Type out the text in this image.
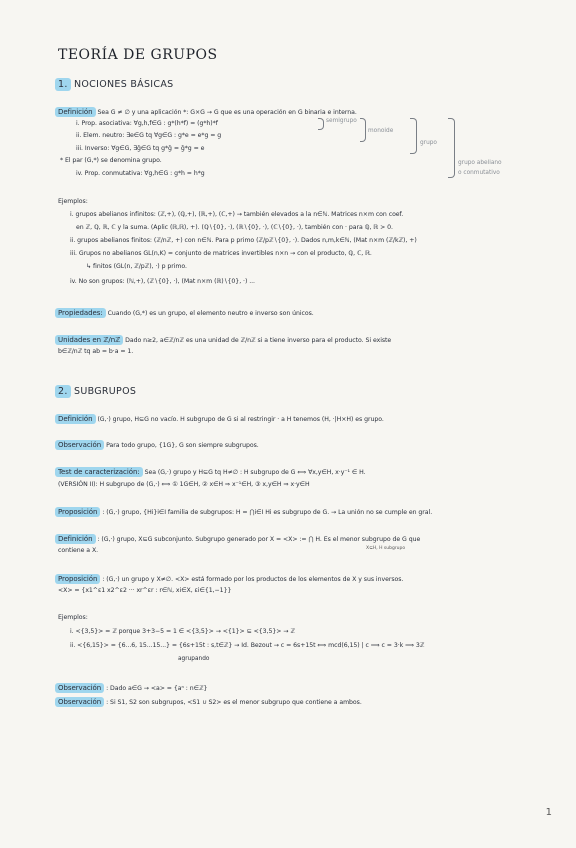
TEORÍA DE GRUPOS
1. NOCIONES BÁSICAS
Definición Sea G ≠ ∅ y una aplicación *: G×G → G que es una operación en G binaria e interna.
i. Prop. asociativa: ∀g,h,f∈G : g*(h*f) = (g*h)*f
ii. Elem. neutro: ∃e∈G tq ∀g∈G : g*e = e*g = g
iii. Inverso: ∀g∈G, ∃ḡ∈G tq g*ḡ = ḡ*g = e
* El par (G,*) se denomina grupo.
iv. Prop. conmutativa: ∀g,h∈G : g*h = h*g
semigrupo
monoide
grupo
grupo abeliano
o conmutativo
Ejemplos:
i. grupos abelianos infinitos: (ℤ,+), (ℚ,+), (ℝ,+), (ℂ,+) → también elevados a la n∈ℕ. Matrices n×m con coef.
en ℤ, ℚ, ℝ, ℂ y la suma. (Aplic (ℝ,ℝ), +). (ℚ∖{0}, ·), (ℝ∖{0}, ·), (ℂ∖{0}, ·), también con · para ℚ, ℝ > 0.
ii. grupos abelianos finitos: (ℤ/nℤ, +) con n∈ℕ. Para p primo (ℤ/pℤ∖{0}, ·). Dados n,m,k∈ℕ, (Mat n×m (ℤ/kℤ), +)
iii. Grupos no abelianos GL(n,K) = conjunto de matrices invertibles n×n → con el producto, ℚ, ℂ, ℝ.
↳ finitos (GL(n, ℤ/pℤ), ·) p primo.
iv. No son grupos: (ℕ,+), (ℤ∖{0}, ·), (Mat n×m (ℝ)∖{0}, ·) ...
Propiedades: Cuando (G,*) es un grupo, el elemento neutro e inverso son únicos.
Unidades en ℤ/nℤ Dado n≥2, a∈ℤ/nℤ es una unidad de ℤ/nℤ si a tiene inverso para el producto. Si existe
b∈ℤ/nℤ tq ab = b·a = 1.
2. SUBGRUPOS
Definición (G,·) grupo, H⊆G no vacío. H subgrupo de G si al restringir · a H tenemos (H, ·|H×H) es grupo.
Observación Para todo grupo, {1G}, G son siempre subgrupos.
Test de caracterización: Sea (G,·) grupo y H⊆G tq H≠∅ : H subgrupo de G ⟺ ∀x,y∈H, x·y⁻¹ ∈ H.
(VERSIÓN II): H subgrupo de (G,·) ⟺ ① 1G∈H, ② x∈H ⇒ x⁻¹∈H, ③ x,y∈H ⇒ x·y∈H
Proposición : (G,·) grupo, {Hi}i∈I familia de subgrupos: H = ⋂i∈I Hi es subgrupo de G. → La unión no se cumple en gral.
Definición : (G,·) grupo, X⊆G subconjunto. Subgrupo generado por X = <X> := ⋂ H. Es el menor subgrupo de G que
contiene a X.	X⊆H, H subgrupo
Proposición : (G,·) un grupo y X≠∅. <X> está formado por los productos de los elementos de X y sus inversos.
<X> = {x1^ε1 x2^ε2 ··· xr^εr : r∈ℕ, xi∈X, εi∈{1,−1}}
Ejemplos:
i. <{3,5}> = ℤ porque 3+3−5 = 1 ∈ <{3,5}> → <{1}> ⊆ <{3,5}> → ℤ
ii. <{6,15}> = {6...6, 15...15...} = {6s+15t : s,t∈ℤ} → Id. Bezout → c = 6s+15t ⟺ mcd(6,15) | c ⟹ c = 3·k ⟹ 3ℤ
agrupando
Observación : Dado a∈G → <a> = {aⁿ : n∈ℤ}
Observación : Si S1, S2 son subgrupos, <S1 ∪ S2> es el menor subgrupo que contiene a ambos.
1
